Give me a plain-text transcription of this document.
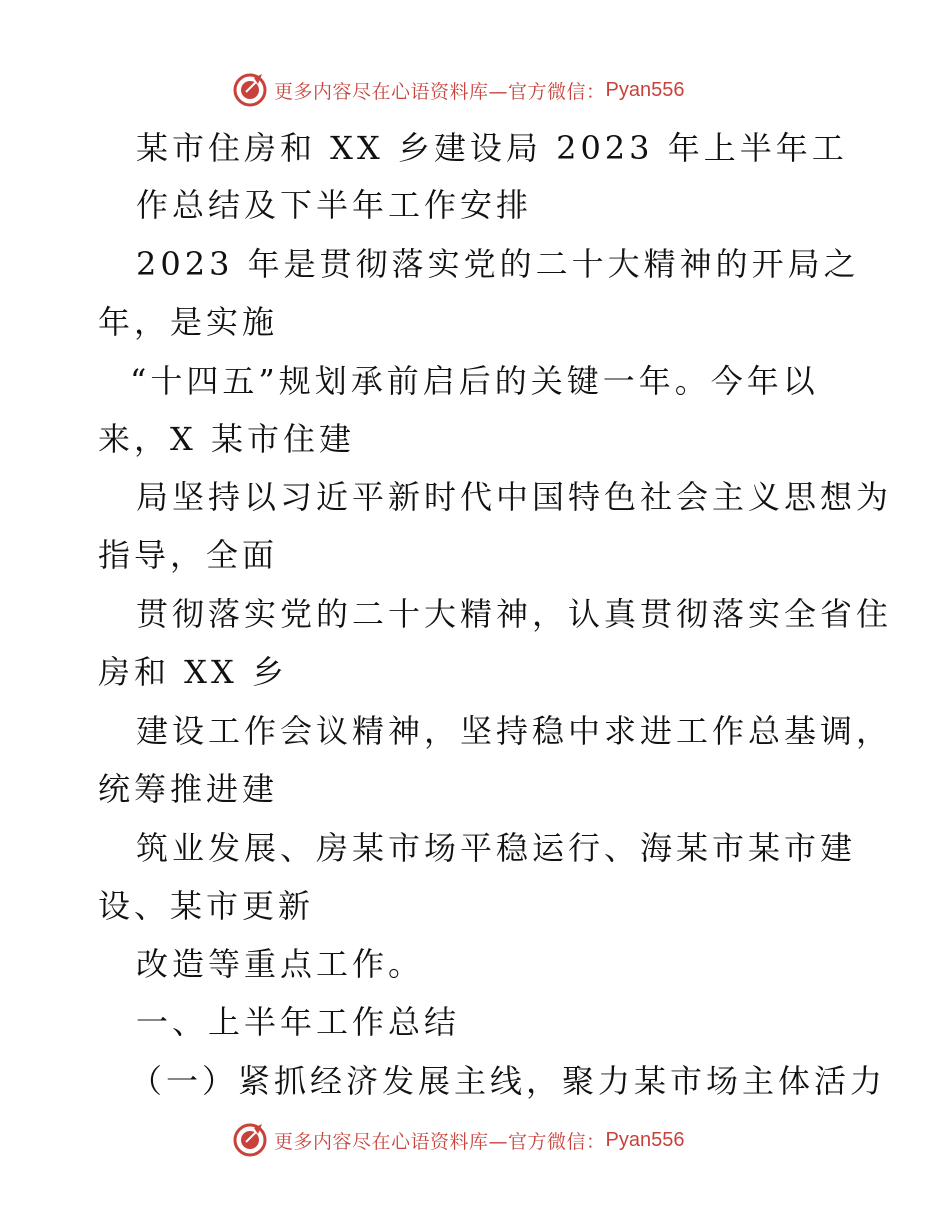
更多内容尽在心语资料库—官方微信： Pyan556
某市住房和 XX 乡建设局 2023 年上半年工
作总结及下半年工作安排
2023 年是贯彻落实党的二十大精神的开局之
年，是实施
“十四五”规划承前启后的关键一年。今年以
来，X 某市住建
局坚持以习近平新时代中国特色社会主义思想为
指导，全面
贯彻落实党的二十大精神，认真贯彻落实全省住
房和 XX 乡
建设工作会议精神，坚持稳中求进工作总基调，
统筹推进建
筑业发展、房某市场平稳运行、海某市某市建
设、某市更新
改造等重点工作。
一、上半年工作总结
（一）紧抓经济发展主线，聚力某市场主体活力
更多内容尽在心语资料库—官方微信： Pyan556
